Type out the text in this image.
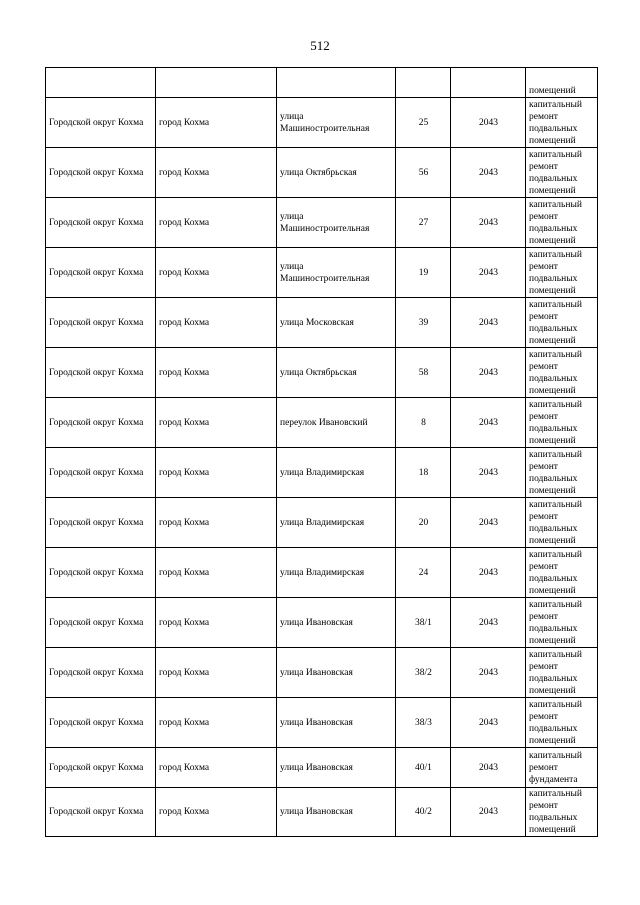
512
					помещений
Городской округ Кохма	город Кохма	улица Машиностроительная	25	2043	капитальный ремонт подвальных помещений
Городской округ Кохма	город Кохма	улица Октябрьская	56	2043	капитальный ремонт подвальных помещений
Городской округ Кохма	город Кохма	улица Машиностроительная	27	2043	капитальный ремонт подвальных помещений
Городской округ Кохма	город Кохма	улица Машиностроительная	19	2043	капитальный ремонт подвальных помещений
Городской округ Кохма	город Кохма	улица Московская	39	2043	капитальный ремонт подвальных помещений
Городской округ Кохма	город Кохма	улица Октябрьская	58	2043	капитальный ремонт подвальных помещений
Городской округ Кохма	город Кохма	переулок Ивановский	8	2043	капитальный ремонт подвальных помещений
Городской округ Кохма	город Кохма	улица Владимирская	18	2043	капитальный ремонт подвальных помещений
Городской округ Кохма	город Кохма	улица Владимирская	20	2043	капитальный ремонт подвальных помещений
Городской округ Кохма	город Кохма	улица Владимирская	24	2043	капитальный ремонт подвальных помещений
Городской округ Кохма	город Кохма	улица Ивановская	38/1	2043	капитальный ремонт подвальных помещений
Городской округ Кохма	город Кохма	улица Ивановская	38/2	2043	капитальный ремонт подвальных помещений
Городской округ Кохма	город Кохма	улица Ивановская	38/3	2043	капитальный ремонт подвальных помещений
Городской округ Кохма	город Кохма	улица Ивановская	40/1	2043	капитальный ремонт фундамента
Городской округ Кохма	город Кохма	улица Ивановская	40/2	2043	капитальный ремонт подвальных помещений
